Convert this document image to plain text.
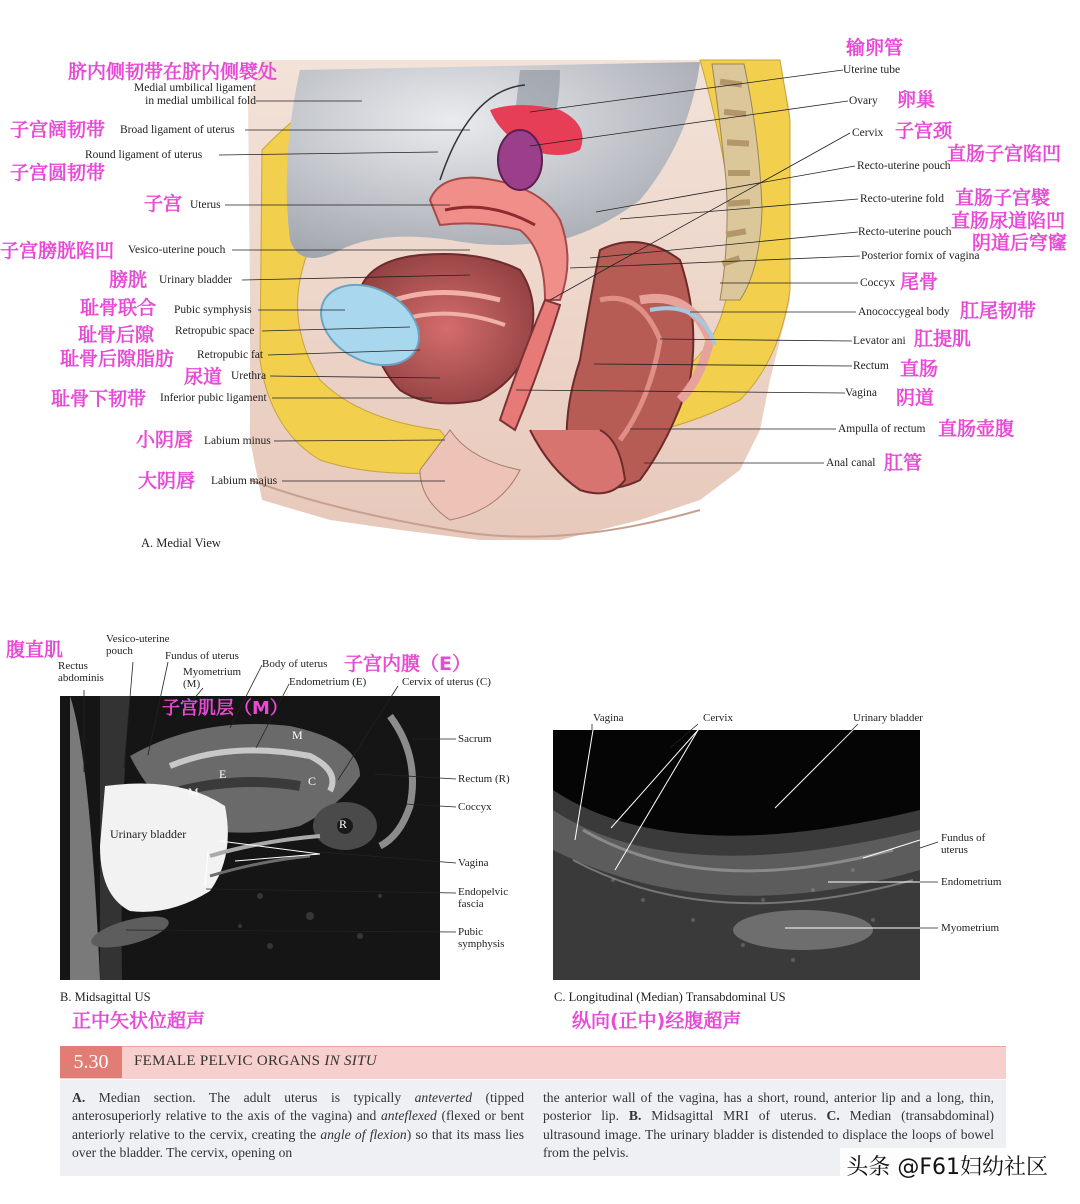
脐内侧韧带在脐内侧襞处
Medial umbilical ligament in medial umbilical fold
子宫阔韧带 Broad ligament of uterus
Round ligament of uterus
子宫圆韧带
子宫 Uterus
子宫膀胱陷凹 Vesico-uterine pouch
膀胱 Urinary bladder
耻骨联合 Pubic symphysis
耻骨后隙 Retropubic space
耻骨后隙脂肪 Retropubic fat
尿道 Urethra
耻骨下韧带 Inferior pubic ligament
小阴唇 Labium minus
大阴唇 Labium majus
A. Medial View
输卵管
Uterine tube
Ovary 卵巢
Cervix 子宫颈
直肠子宫陷凹
Recto-uterine pouch
Recto-uterine fold 直肠子宫襞
直肠尿道陷凹
Recto-uterine pouch 阴道后穹窿
Posterior fornix of vagina
Coccyx 尾骨
Anococcygeal body 肛尾韧带
Levator ani 肛提肌
Rectum 直肠
Vagina 阴道
Ampulla of rectum 直肠壶腹
Anal canal 肛管
Urinary bladder
M
M
E	C
R
腹直肌
Rectus abdominis
Vesico-uterine pouch	Fundus of uterus
Myometrium (M)
子宫肌层（M）
Body of uterus 子宫内膜（E）
Endometrium (E)	Cervix of uterus (C)
Sacrum
Rectum (R)
Coccyx
Vagina
Endopelvic fascia
Pubic symphysis
B. Midsagittal US
正中矢状位超声
Vagina	Cervix	Urinary bladder
Fundus of uterus
Endometrium
Myometrium
C. Longitudinal (Median) Transabdominal US
纵向(正中)经腹超声
5.30	FEMALE PELVIC ORGANS IN SITU
A. Median section. The adult uterus is typically anteverted (tipped anterosuperiorly relative to the axis of the vagina) and anteflexed (flexed or bent anteriorly relative to the cervix, creating the angle of flexion) so that its mass lies over the bladder. The cervix, opening on
the anterior wall of the vagina, has a short, round, anterior lip and a long, thin, posterior lip. B. Midsagittal MRI of uterus. C. Median (transabdominal) ultrasound image. The urinary bladder is distended to displace the loops of bowel from the pelvis.
头条 @F61妇幼社区
